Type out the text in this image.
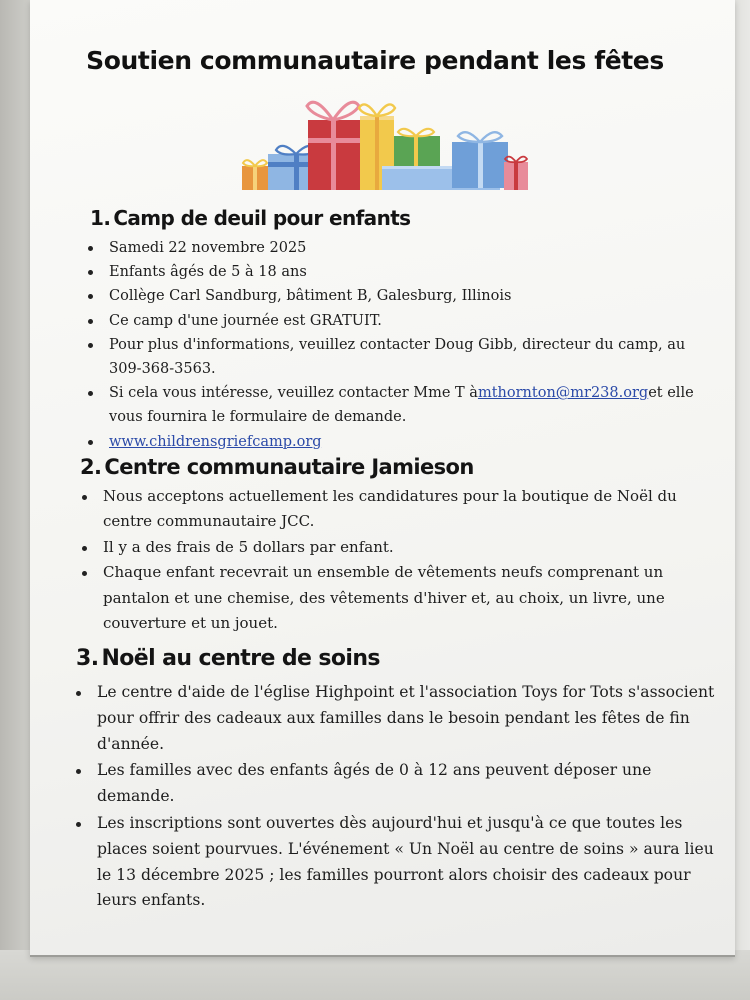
Soutien communautaire pendant les fêtes
1. Camp de deuil pour enfants
Samedi 22 novembre 2025
Enfants âgés de 5 à 18 ans
Collège Carl Sandburg, bâtiment B, Galesburg, Illinois
Ce camp d'une journée est GRATUIT.
Pour plus d'informations, veuillez contacter Doug Gibb, directeur du camp, au 309-368-3563.
Si cela vous intéresse, veuillez contacter Mme T àmthornton@mr238.orget elle vous fournira le formulaire de demande.
www.childrensgriefcamp.org
2. Centre communautaire Jamieson
Nous acceptons actuellement les candidatures pour la boutique de Noël du centre communautaire JCC.
Il y a des frais de 5 dollars par enfant.
Chaque enfant recevrait un ensemble de vêtements neufs comprenant un pantalon et une chemise, des vêtements d'hiver et, au choix, un livre, une couverture et un jouet.
3. Noël au centre de soins
Le centre d'aide de l'église Highpoint et l'association Toys for Tots s'associent pour offrir des cadeaux aux familles dans le besoin pendant les fêtes de fin d'année.
Les familles avec des enfants âgés de 0 à 12 ans peuvent déposer une demande.
Les inscriptions sont ouvertes dès aujourd'hui et jusqu'à ce que toutes les places soient pourvues. L'événement « Un Noël au centre de soins » aura lieu le 13 décembre 2025 ; les familles pourront alors choisir des cadeaux pour leurs enfants.
